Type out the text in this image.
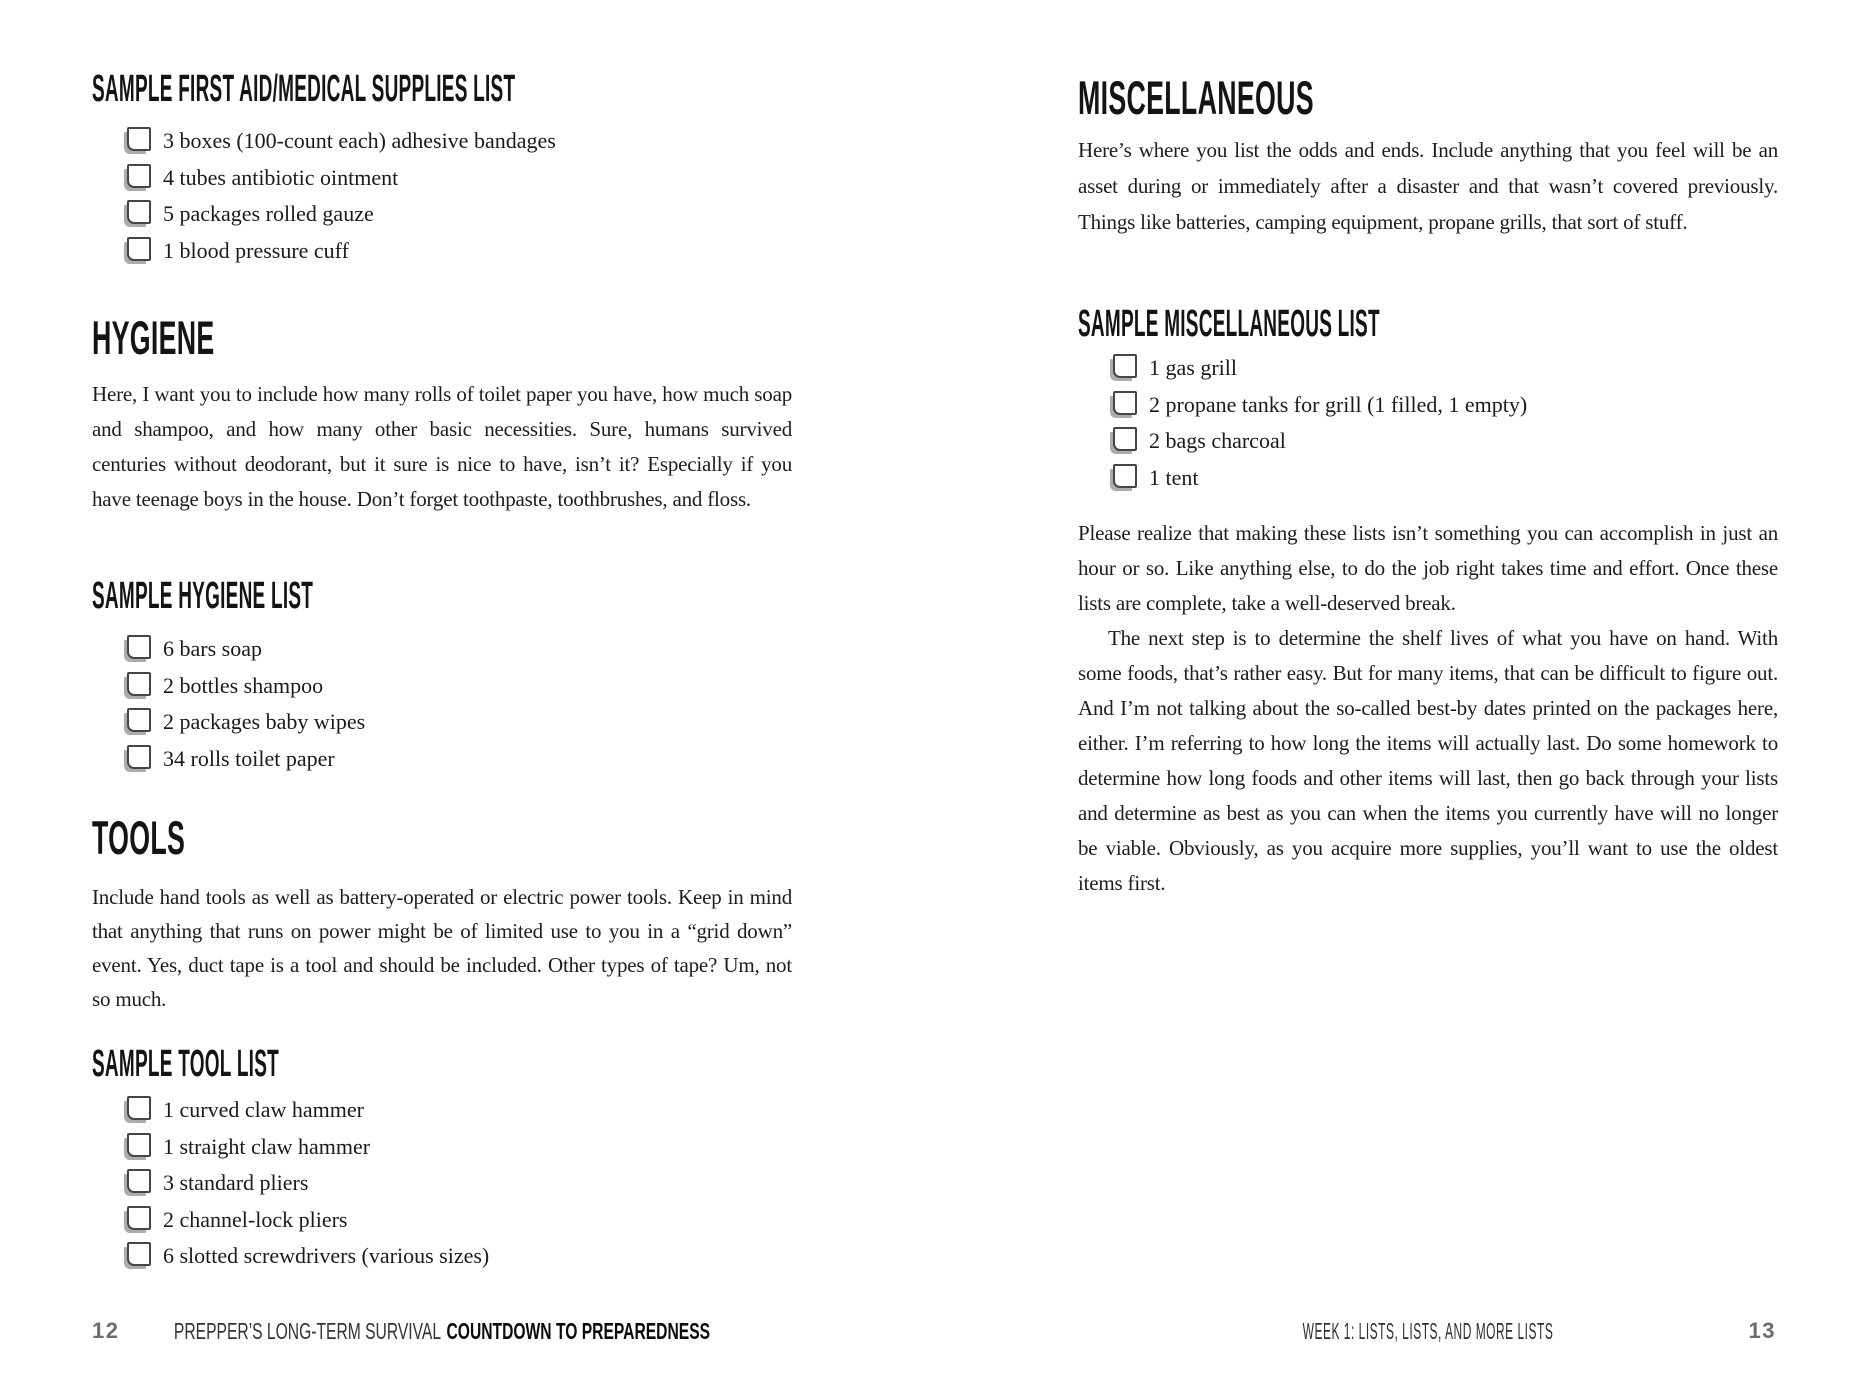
SAMPLE FIRST AID/MEDICAL SUPPLIES LIST
3 boxes (100-count each) adhesive bandages
4 tubes antibiotic ointment
5 packages rolled gauze
1 blood pressure cuff
HYGIENE

Here, I want you to include how many rolls of toilet paper you have, how much soap and shampoo, and how many other basic necessities. Sure, humans survived centuries without deodorant, but it sure is nice to have, isn’t it? Especially if you have teenage boys in the house. Don’t forget toothpaste, toothbrushes, and floss.

SAMPLE HYGIENE LIST
6 bars soap
2 bottles shampoo
2 packages baby wipes
34 rolls toilet paper
TOOLS

Include hand tools as well as battery-operated or electric power tools. Keep in mind that anything that runs on power might be of limited use to you in a “grid down” event. Yes, duct tape is a tool and should be included. Other types of tape? Um, not so much.

SAMPLE TOOL LIST
1 curved claw hammer
1 straight claw hammer
3 standard pliers
2 channel-lock pliers
6 slotted screwdrivers (various sizes)
12	PREPPER’S LONG-TERM SURVIVAL COUNTDOWN TO PREPAREDNESS
MISCELLANEOUS

Here’s where you list the odds and ends. Include anything that you feel will be an asset during or immediately after a disaster and that wasn’t covered previously. Things like batteries, camping equipment, propane grills, that sort of stuff.

SAMPLE MISCELLANEOUS LIST
1 gas grill
2 propane tanks for grill (1 filled, 1 empty)
2 bags charcoal
1 tent

Please realize that making these lists isn’t something you can accomplish in just an hour or so. Like anything else, to do the job right takes time and effort. Once these lists are complete, take a well-deserved break.

The next step is to determine the shelf lives of what you have on hand. With some foods, that’s rather easy. But for many items, that can be difficult to figure out. And I’m not talking about the so-called best-by dates printed on the packages here, either. I’m referring to how long the items will actually last. Do some homework to determine how long foods and other items will last, then go back through your lists and determine as best as you can when the items you currently have will no longer be viable. Obviously, as you acquire more supplies, you’ll want to use the oldest items first.

WEEK 1: LISTS, LISTS, AND MORE LISTS	13
